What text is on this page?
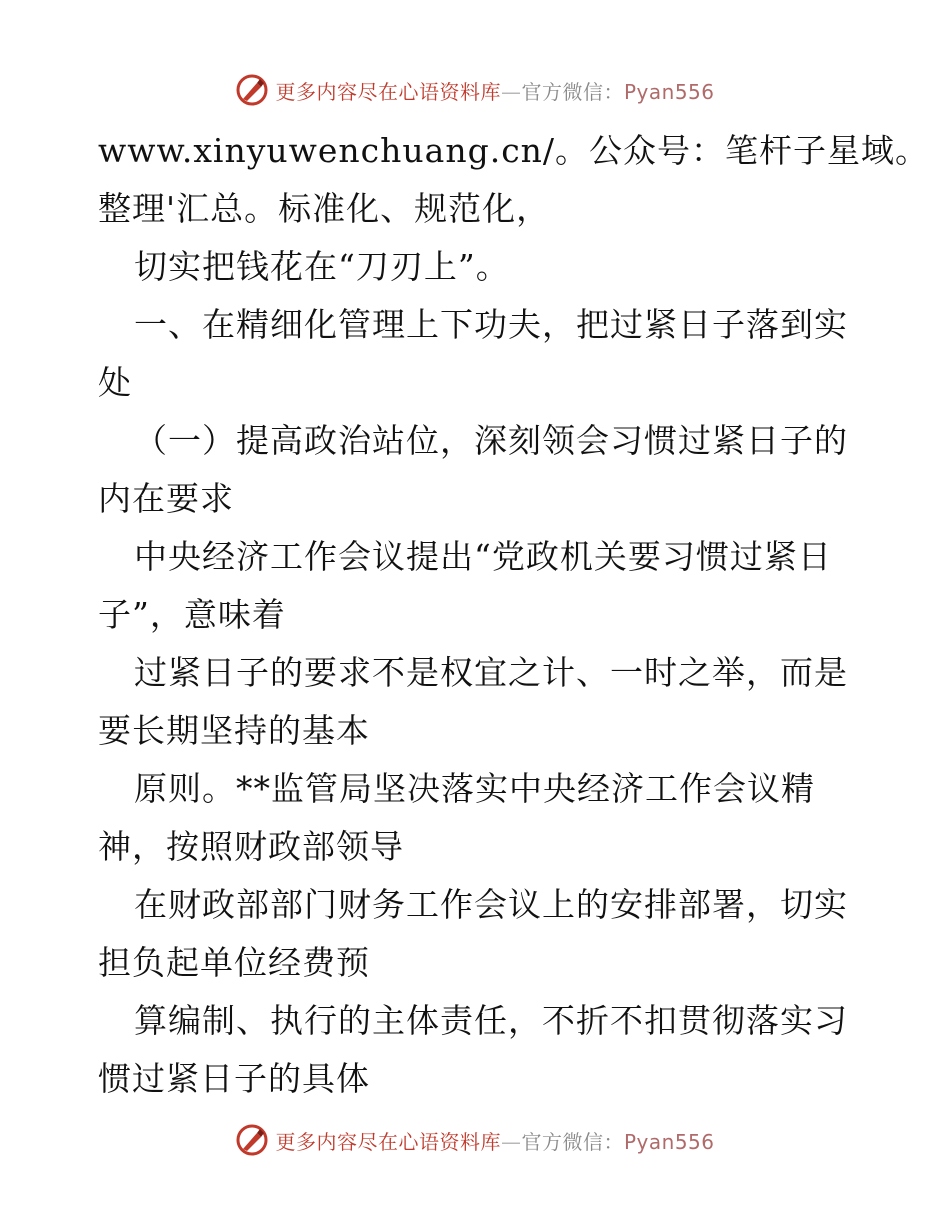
更多内容尽在心语资料库—官方微信：Pyan556
www.xinyuwenchuang.cn/。公众号：笔杆子星域。
整理'汇总。标准化、规范化，
切实把钱花在“刀刃上”。
一、在精细化管理上下功夫，把过紧日子落到实
处
（一）提高政治站位，深刻领会习惯过紧日子的
内在要求
中央经济工作会议提出“党政机关要习惯过紧日
子”，意味着
过紧日子的要求不是权宜之计、一时之举，而是
要长期坚持的基本
原则。**监管局坚决落实中央经济工作会议精
神，按照财政部领导
在财政部部门财务工作会议上的安排部署，切实
担负起单位经费预
算编制、执行的主体责任，不折不扣贯彻落实习
惯过紧日子的具体
更多内容尽在心语资料库—官方微信：Pyan556
